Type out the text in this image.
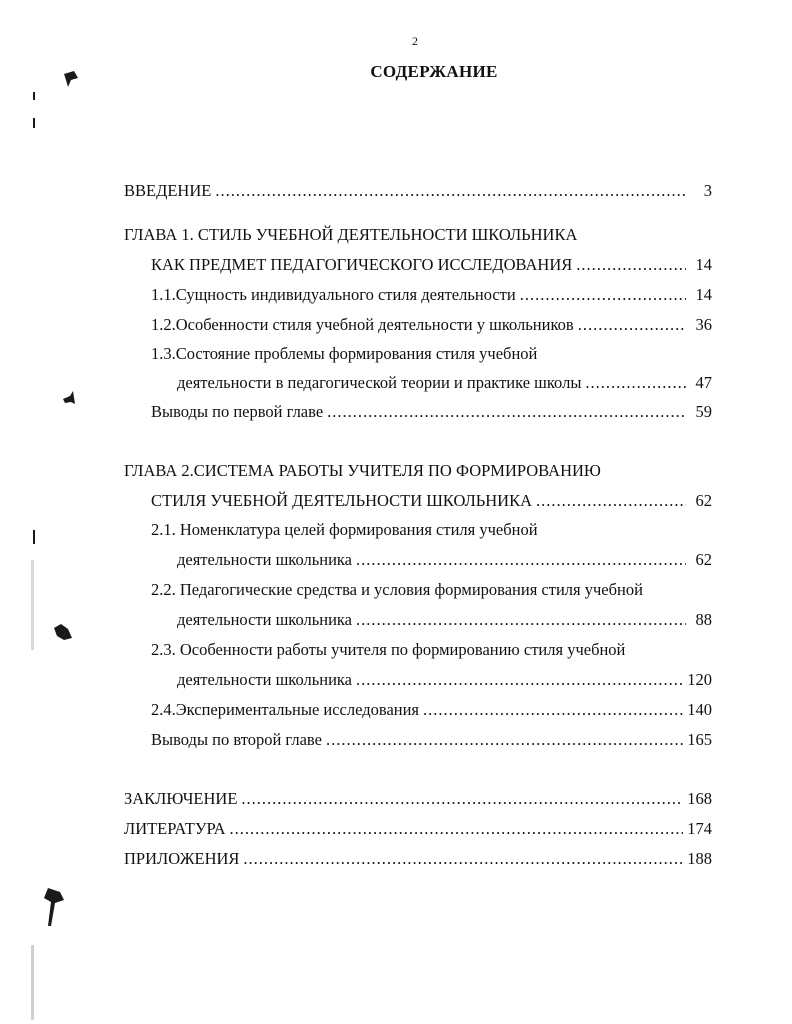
2
СОДЕРЖАНИЕ
ВВЕДЕНИЕ .....	3
ГЛАВА 1. СТИЛЬ УЧЕБНОЙ ДЕЯТЕЛЬНОСТИ ШКОЛЬНИКА
КАК ПРЕДМЕТ ПЕДАГОГИЧЕСКОГО ИССЛЕДОВАНИЯ .....	14
1.1.Сущность индивидуального стиля деятельности .....	14
1.2.Особенности стиля учебной деятельности у школьников .....	36
1.3.Состояние проблемы формирования стиля учебной
деятельности в педагогической теории и практике школы .....	47
Выводы по первой главе .....	59
ГЛАВА 2.СИСТЕМА РАБОТЫ УЧИТЕЛЯ ПО ФОРМИРОВАНИЮ
СТИЛЯ УЧЕБНОЙ ДЕЯТЕЛЬНОСТИ ШКОЛЬНИКА .....	62
2.1. Номенклатура целей формирования стиля учебной
деятельности школьника .....	62
2.2. Педагогические средства и условия формирования стиля учебной
деятельности школьника .....	88
2.3. Особенности работы учителя по формированию стиля учебной
деятельности школьника .....	120
2.4.Экспериментальные исследования .....	140
Выводы по второй главе .....	165
ЗАКЛЮЧЕНИЕ .....	168
ЛИТЕРАТУРА .....	174
ПРИЛОЖЕНИЯ .....	188
